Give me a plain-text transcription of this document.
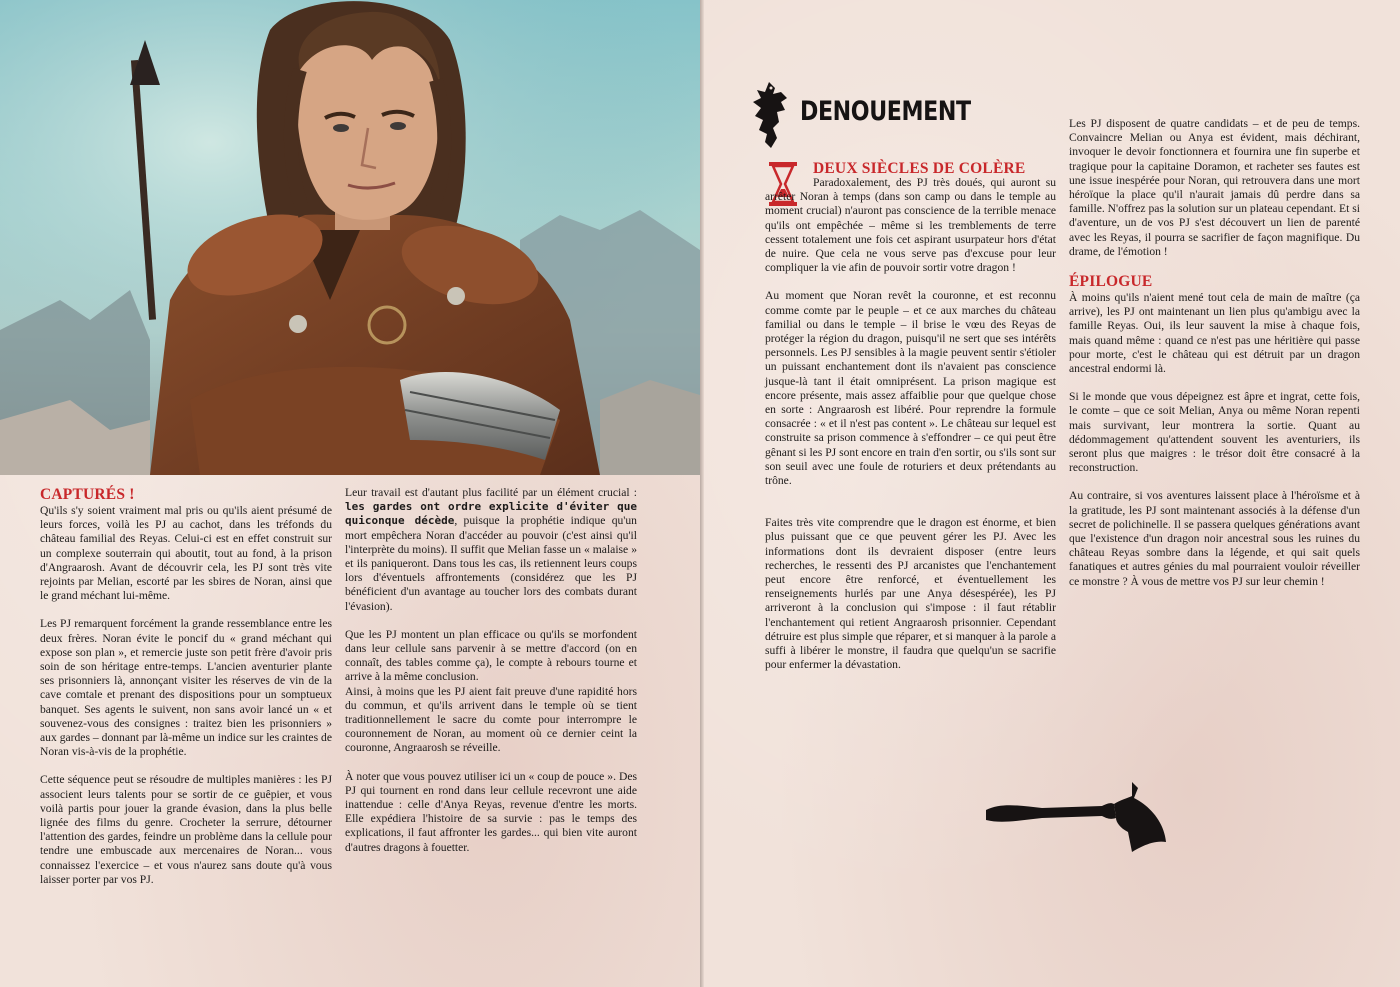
CAPTURÉS !

Qu'ils s'y soient vraiment mal pris ou qu'ils aient présumé de leurs forces, voilà les PJ au cachot, dans les tréfonds du château familial des Reyas. Celui-ci est en effet construit sur un complexe souterrain qui aboutit, tout au fond, à la prison d'Angraarosh. Avant de découvrir cela, les PJ sont très vite rejoints par Melian, escorté par les sbires de Noran, ainsi que le grand méchant lui-même.

Les PJ remarquent forcément la grande ressemblance entre les deux frères. Noran évite le poncif du « grand méchant qui expose son plan », et remercie juste son petit frère d'avoir pris soin de son héritage entre-temps. L'ancien aventurier plante ses prisonniers là, annonçant visiter les réserves de vin de la cave comtale et prenant des dispositions pour un somptueux banquet. Ses agents le suivent, non sans avoir lancé un « et souvenez-vous des consignes : traitez bien les prisonniers » aux gardes – donnant par là-même un indice sur les craintes de Noran vis-à-vis de la prophétie.

Cette séquence peut se résoudre de multiples manières : les PJ associent leurs talents pour se sortir de ce guêpier, et vous voilà partis pour jouer la grande évasion, dans la plus belle lignée des films du genre. Crocheter la serrure, détourner l'attention des gardes, feindre un problème dans la cellule pour tendre une embuscade aux mercenaires de Noran... vous connaissez l'exercice – et vous n'aurez sans doute qu'à vous laisser porter par vos PJ.

Leur travail est d'autant plus facilité par un élément crucial : les gardes ont ordre explicite d'éviter que quiconque décède, puisque la prophétie indique qu'un mort empêchera Noran d'accéder au pouvoir (c'est ainsi qu'il l'interprète du moins). Il suffit que Melian fasse un « malaise » et ils paniqueront. Dans tous les cas, ils retiennent leurs coups lors d'éventuels affrontements (considérez que les PJ bénéficient d'un avantage au toucher lors des combats durant l'évasion).

Que les PJ montent un plan efficace ou qu'ils se morfondent dans leur cellule sans parvenir à se mettre d'accord (on en connaît, des tables comme ça), le compte à rebours tourne et arrive à la même conclusion.

Ainsi, à moins que les PJ aient fait preuve d'une rapidité hors du commun, et qu'ils arrivent dans le temple où se tient traditionnellement le sacre du comte pour interrompre le couronnement de Noran, au moment où ce dernier ceint la couronne, Angraarosh se réveille.

À noter que vous pouvez utiliser ici un « coup de pouce ». Des PJ qui tournent en rond dans leur cellule recevront une aide inattendue : celle d'Anya Reyas, revenue d'entre les morts. Elle expédiera l'histoire de sa survie : pas le temps des explications, il faut affronter les gardes... qui bien vite auront d'autres dragons à fouetter.

DENOUEMENT
DEUX SIÈCLES DE COLÈRE

Paradoxalement, des PJ très doués, qui auront su arrêter Noran à temps (dans son camp ou dans le temple au moment crucial) n'auront pas conscience de la terrible menace qu'ils ont empêchée – même si les tremblements de terre cessent totalement une fois cet aspirant usurpateur hors d'état de nuire. Que cela ne vous serve pas d'excuse pour leur compliquer la vie afin de pouvoir sortir votre dragon !

Au moment que Noran revêt la couronne, et est reconnu comme comte par le peuple – et ce aux marches du château familial ou dans le temple – il brise le vœu des Reyas de protéger la région du dragon, puisqu'il ne sert que ses intérêts personnels. Les PJ sensibles à la magie peuvent sentir s'étioler un puissant enchantement dont ils n'avaient pas conscience jusque-là tant il était omniprésent. La prison magique est encore présente, mais assez affaiblie pour que quelque chose en sorte : Angraarosh est libéré. Pour reprendre la formule consacrée : « et il n'est pas content ». Le château sur lequel est construite sa prison commence à s'effondrer – ce qui peut être gênant si les PJ sont encore en train d'en sortir, ou s'ils sont sur son seuil avec une foule de roturiers et deux prétendants au trône.

Faites très vite comprendre que le dragon est énorme, et bien plus puissant que ce que peuvent gérer les PJ. Avec les informations dont ils devraient disposer (entre leurs recherches, le ressenti des PJ arcanistes que l'enchantement peut encore être renforcé, et éventuellement les renseignements hurlés par une Anya désespérée), les PJ arriveront à la conclusion qui s'impose : il faut rétablir l'enchantement qui retient Angraarosh prisonnier. Cependant détruire est plus simple que réparer, et si manquer à la parole a suffi à libérer le monstre, il faudra que quelqu'un se sacrifie pour enfermer la dévastation.

Les PJ disposent de quatre candidats – et de peu de temps. Convaincre Melian ou Anya est évident, mais déchirant, invoquer le devoir fonctionnera et fournira une fin superbe et tragique pour la capitaine Doramon, et racheter ses fautes est une issue inespérée pour Noran, qui retrouvera dans une mort héroïque la place qu'il n'aurait jamais dû perdre dans sa famille. N'offrez pas la solution sur un plateau cependant. Et si d'aventure, un de vos PJ s'est découvert un lien de parenté avec les Reyas, il pourra se sacrifier de façon magnifique. Du drame, de l'émotion !

ÉPILOGUE

À moins qu'ils n'aient mené tout cela de main de maître (ça arrive), les PJ ont maintenant un lien plus qu'ambigu avec la famille Reyas. Oui, ils leur sauvent la mise à chaque fois, mais quand même : quand ce n'est pas une héritière qui passe pour morte, c'est le château qui est détruit par un dragon ancestral endormi là.

Si le monde que vous dépeignez est âpre et ingrat, cette fois, le comte – que ce soit Melian, Anya ou même Noran repenti mais survivant, leur montrera la sortie. Quant au dédommagement qu'attendent souvent les aventuriers, ils seront plus que maigres : le trésor doit être consacré à la reconstruction.

Au contraire, si vos aventures laissent place à l'héroïsme et à la gratitude, les PJ sont maintenant associés à la défense d'un secret de polichinelle. Il se passera quelques générations avant que l'existence d'un dragon noir ancestral sous les ruines du château Reyas sombre dans la légende, et qui sait quels fanatiques et autres génies du mal pourraient vouloir réveiller ce monstre ? À vous de mettre vos PJ sur leur chemin !
